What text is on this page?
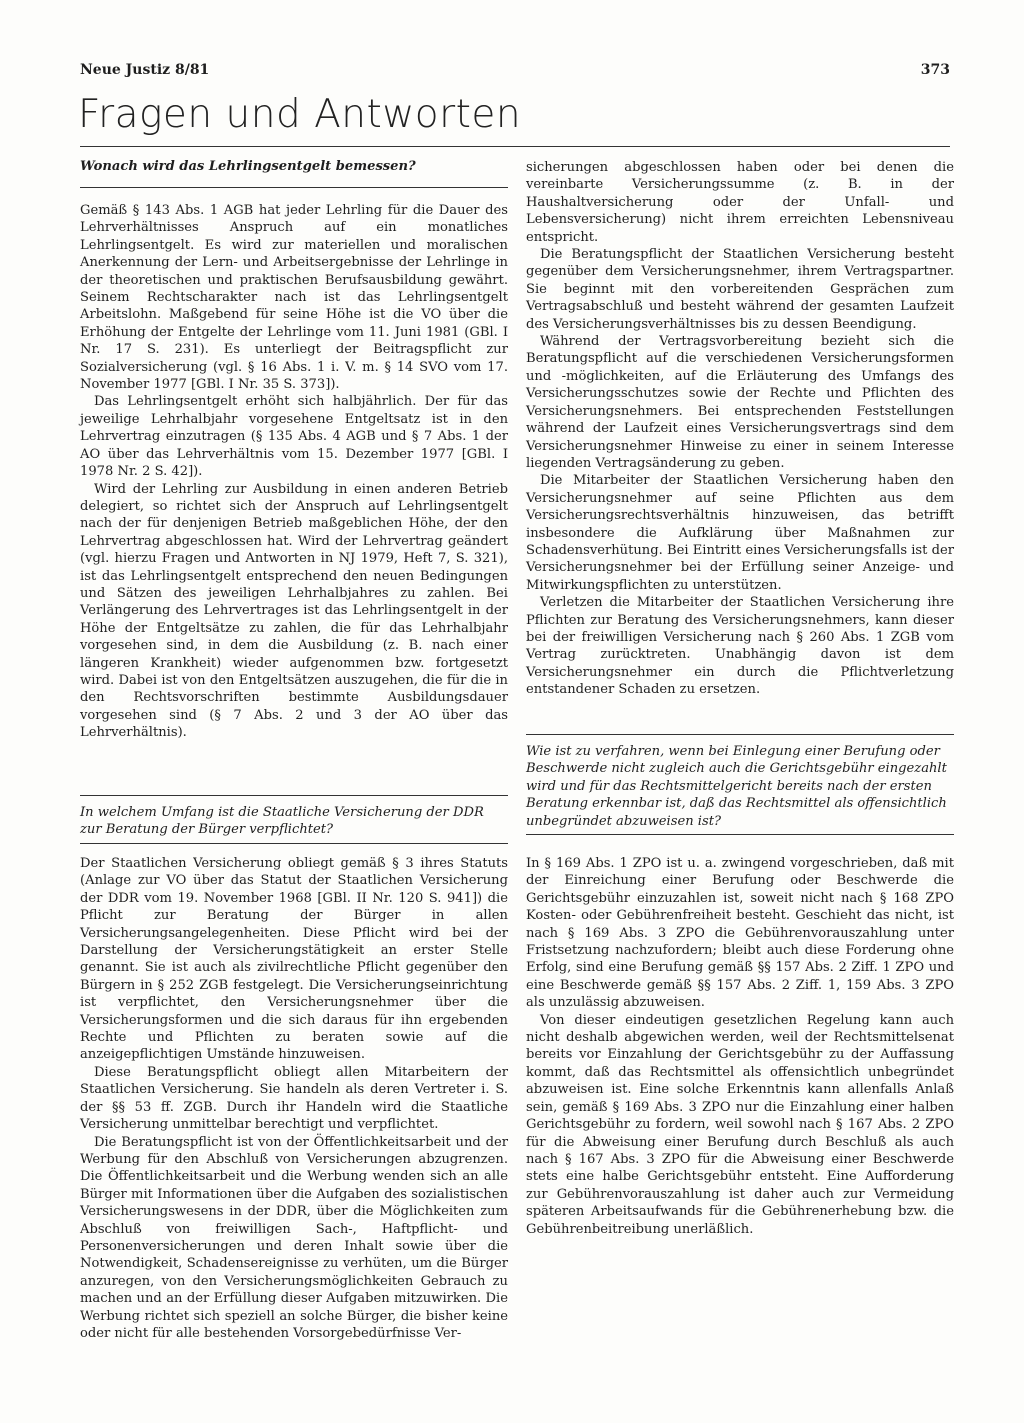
Neue Justiz 8/81	373
Fragen und Antworten
Wonach wird das Lehrlingsentgelt bemessen?

Gemäß § 143 Abs. 1 AGB hat jeder Lehrling für die Dauer des Lehrverhältnisses Anspruch auf ein monatliches Lehrlingsentgelt. Es wird zur materiellen und moralischen Anerkennung der Lern- und Arbeitsergebnisse der Lehrlinge in der theoretischen und praktischen Berufsausbildung gewährt. Seinem Rechtscharakter nach ist das Lehrlingsentgelt Arbeitslohn. Maßgebend für seine Höhe ist die VO über die Erhöhung der Entgelte der Lehrlinge vom 11. Juni 1981 (GBl. I Nr. 17 S. 231). Es unterliegt der Beitragspflicht zur Sozialversicherung (vgl. § 16 Abs. 1 i. V. m. § 14 SVO vom 17. November 1977 [GBl. I Nr. 35 S. 373]).

Das Lehrlingsentgelt erhöht sich halbjährlich. Der für das jeweilige Lehrhalbjahr vorgesehene Entgeltsatz ist in den Lehrvertrag einzutragen (§ 135 Abs. 4 AGB und § 7 Abs. 1 der AO über das Lehrverhältnis vom 15. Dezember 1977 [GBl. I 1978 Nr. 2 S. 42]).

Wird der Lehrling zur Ausbildung in einen anderen Betrieb delegiert, so richtet sich der Anspruch auf Lehrlingsentgelt nach der für denjenigen Betrieb maßgeblichen Höhe, der den Lehrvertrag abgeschlossen hat. Wird der Lehrvertrag geändert (vgl. hierzu Fragen und Antworten in NJ 1979, Heft 7, S. 321), ist das Lehrlingsentgelt entsprechend den neuen Bedingungen und Sätzen des jeweiligen Lehrhalbjahres zu zahlen. Bei Verlängerung des Lehrvertrages ist das Lehrlingsentgelt in der Höhe der Entgeltsätze zu zahlen, die für das Lehrhalbjahr vorgesehen sind, in dem die Ausbildung (z. B. nach einer längeren Krankheit) wieder aufgenommen bzw. fortgesetzt wird. Dabei ist von den Entgeltsätzen auszugehen, die für die in den Rechtsvorschriften bestimmte Ausbildungsdauer vorgesehen sind (§ 7 Abs. 2 und 3 der AO über das Lehrverhältnis).

In welchem Umfang ist die Staatliche Versicherung der DDR zur Beratung der Bürger verpflichtet?

Der Staatlichen Versicherung obliegt gemäß § 3 ihres Statuts (Anlage zur VO über das Statut der Staatlichen Versicherung der DDR vom 19. November 1968 [GBl. II Nr. 120 S. 941]) die Pflicht zur Beratung der Bürger in allen Versicherungsangelegenheiten. Diese Pflicht wird bei der Darstellung der Versicherungstätigkeit an erster Stelle genannt. Sie ist auch als zivilrechtliche Pflicht gegenüber den Bürgern in § 252 ZGB festgelegt. Die Versicherungseinrichtung ist verpflichtet, den Versicherungsnehmer über die Versicherungsformen und die sich daraus für ihn ergebenden Rechte und Pflichten zu beraten sowie auf die anzeigepflichtigen Umstände hinzuweisen.

Diese Beratungspflicht obliegt allen Mitarbeitern der Staatlichen Versicherung. Sie handeln als deren Vertreter i. S. der §§ 53 ff. ZGB. Durch ihr Handeln wird die Staatliche Versicherung unmittelbar berechtigt und verpflichtet.

Die Beratungspflicht ist von der Öffentlichkeitsarbeit und der Werbung für den Abschluß von Versicherungen abzugrenzen. Die Öffentlichkeitsarbeit und die Werbung wenden sich an alle Bürger mit Informationen über die Aufgaben des sozialistischen Versicherungswesens in der DDR, über die Möglichkeiten zum Abschluß von freiwilligen Sach-, Haftpflicht- und Personenversicherungen und deren Inhalt sowie über die Notwendigkeit, Schadensereignisse zu verhüten, um die Bürger anzuregen, von den Versicherungsmöglichkeiten Gebrauch zu machen und an der Erfüllung dieser Aufgaben mitzuwirken. Die Werbung richtet sich speziell an solche Bürger, die bisher keine oder nicht für alle bestehenden Vorsorgebedürfnisse Ver-

sicherungen abgeschlossen haben oder bei denen die vereinbarte Versicherungssumme (z. B. in der Haushaltversicherung oder der Unfall- und Lebensversicherung) nicht ihrem erreichten Lebensniveau entspricht.

Die Beratungspflicht der Staatlichen Versicherung besteht gegenüber dem Versicherungsnehmer, ihrem Vertragspartner. Sie beginnt mit den vorbereitenden Gesprächen zum Vertragsabschluß und besteht während der gesamten Laufzeit des Versicherungsverhältnisses bis zu dessen Beendigung.

Während der Vertragsvorbereitung bezieht sich die Beratungspflicht auf die verschiedenen Versicherungsformen und -möglichkeiten, auf die Erläuterung des Umfangs des Versicherungsschutzes sowie der Rechte und Pflichten des Versicherungsnehmers. Bei entsprechenden Feststellungen während der Laufzeit eines Versicherungsvertrags sind dem Versicherungsnehmer Hinweise zu einer in seinem Interesse liegenden Vertragsänderung zu geben.

Die Mitarbeiter der Staatlichen Versicherung haben den Versicherungsnehmer auf seine Pflichten aus dem Versicherungsrechtsverhältnis hinzuweisen, das betrifft insbesondere die Aufklärung über Maßnahmen zur Schadensverhütung. Bei Eintritt eines Versicherungsfalls ist der Versicherungsnehmer bei der Erfüllung seiner Anzeige- und Mitwirkungspflichten zu unterstützen.

Verletzen die Mitarbeiter der Staatlichen Versicherung ihre Pflichten zur Beratung des Versicherungsnehmers, kann dieser bei der freiwilligen Versicherung nach § 260 Abs. 1 ZGB vom Vertrag zurücktreten. Unabhängig davon ist dem Versicherungsnehmer ein durch die Pflichtverletzung entstandener Schaden zu ersetzen.

Wie ist zu verfahren, wenn bei Einlegung einer Berufung oder Beschwerde nicht zugleich auch die Gerichtsgebühr eingezahlt wird und für das Rechtsmittelgericht bereits nach der ersten Beratung erkennbar ist, daß das Rechtsmittel als offensichtlich unbegründet abzuweisen ist?

In § 169 Abs. 1 ZPO ist u. a. zwingend vorgeschrieben, daß mit der Einreichung einer Berufung oder Beschwerde die Gerichtsgebühr einzuzahlen ist, soweit nicht nach § 168 ZPO Kosten- oder Gebührenfreiheit besteht. Geschieht das nicht, ist nach § 169 Abs. 3 ZPO die Gebührenvorauszahlung unter Fristsetzung nachzufordern; bleibt auch diese Forderung ohne Erfolg, sind eine Berufung gemäß §§ 157 Abs. 2 Ziff. 1 ZPO und eine Beschwerde gemäß §§ 157 Abs. 2 Ziff. 1, 159 Abs. 3 ZPO als unzulässig abzuweisen.

Von dieser eindeutigen gesetzlichen Regelung kann auch nicht deshalb abgewichen werden, weil der Rechtsmittelsenat bereits vor Einzahlung der Gerichtsgebühr zu der Auffassung kommt, daß das Rechtsmittel als offensichtlich unbegründet abzuweisen ist. Eine solche Erkenntnis kann allenfalls Anlaß sein, gemäß § 169 Abs. 3 ZPO nur die Einzahlung einer halben Gerichtsgebühr zu fordern, weil sowohl nach § 167 Abs. 2 ZPO für die Abweisung einer Berufung durch Beschluß als auch nach § 167 Abs. 3 ZPO für die Abweisung einer Beschwerde stets eine halbe Gerichtsgebühr entsteht. Eine Aufforderung zur Gebührenvorauszahlung ist daher auch zur Vermeidung späteren Arbeitsaufwands für die Gebührenerhebung bzw. die Gebührenbeitreibung unerläßlich.
